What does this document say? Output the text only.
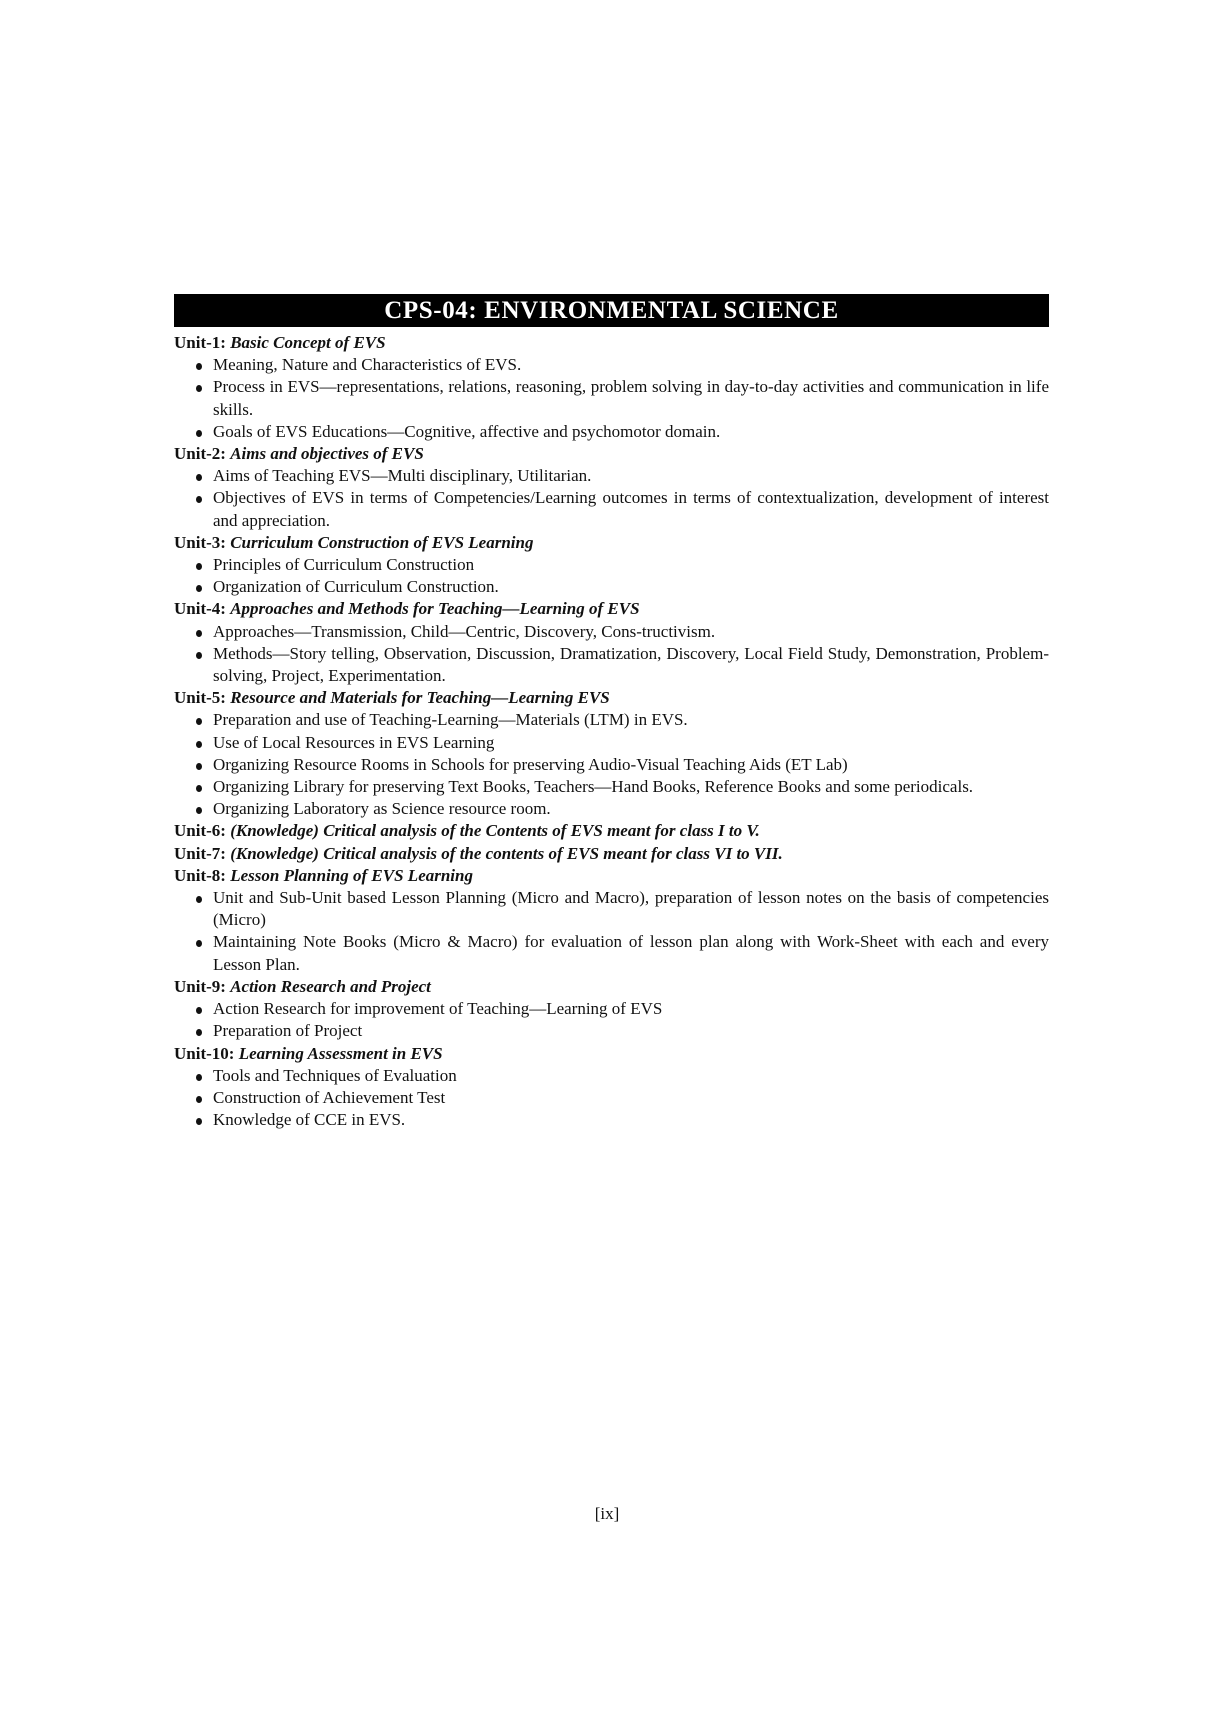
CPS-04: ENVIRONMENTAL SCIENCE
Unit-1: Basic Concept of EVS
Meaning, Nature and Characteristics of EVS.
Process in EVS—representations, relations, reasoning, problem solving in day-to-day activities and communication in life skills.
Goals of EVS Educations—Cognitive, affective and psychomotor domain.
Unit-2: Aims and objectives of EVS
Aims of Teaching EVS—Multi disciplinary, Utilitarian.
Objectives of EVS in terms of Competencies/Learning outcomes in terms of contextualization, development of interest and appreciation.
Unit-3: Curriculum Construction of EVS Learning
Principles of Curriculum Construction
Organization of Curriculum Construction.
Unit-4: Approaches and Methods for Teaching—Learning of EVS
Approaches—Transmission, Child—Centric, Discovery, Cons-tructivism.
Methods—Story telling, Observation, Discussion, Dramatization, Discovery, Local Field Study, Demonstration, Problem-solving, Project, Experimentation.
Unit-5: Resource and Materials for Teaching—Learning EVS
Preparation and use of Teaching-Learning—Materials (LTM) in EVS.
Use of Local Resources in EVS Learning
Organizing Resource Rooms in Schools for preserving Audio-Visual Teaching Aids (ET Lab)
Organizing Library for preserving Text Books, Teachers—Hand Books, Reference Books and some periodicals.
Organizing Laboratory as Science resource room.
Unit-6: (Knowledge) Critical analysis of the Contents of EVS meant for class I to V.
Unit-7: (Knowledge) Critical analysis of the contents of EVS meant for class VI to VII.
Unit-8: Lesson Planning of EVS Learning
Unit and Sub-Unit based Lesson Planning (Micro and Macro), preparation of lesson notes on the basis of competencies (Micro)
Maintaining Note Books (Micro & Macro) for evaluation of lesson plan along with Work-Sheet with each and every Lesson Plan.
Unit-9: Action Research and Project
Action Research for improvement of Teaching—Learning of EVS
Preparation of Project
Unit-10: Learning Assessment in EVS
Tools and Techniques of Evaluation
Construction of Achievement Test
Knowledge of CCE in EVS.
[ix]
